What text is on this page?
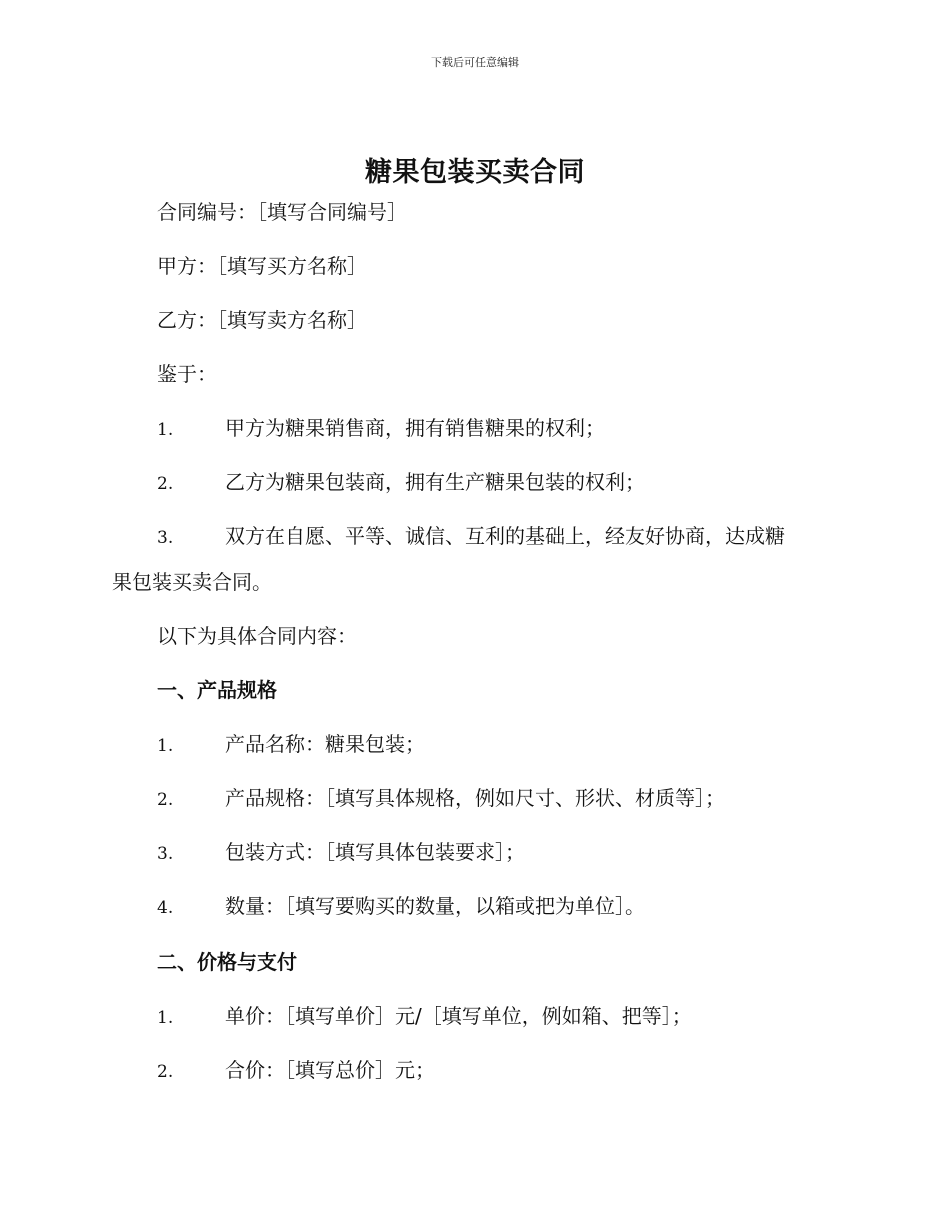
下载后可任意编辑
糖果包装买卖合同
合同编号：［填写合同编号］
甲方：［填写买方名称］
乙方：［填写卖方名称］
鉴于：
1.	甲方为糖果销售商，拥有销售糖果的权利；
2.	乙方为糖果包装商，拥有生产糖果包装的权利；
3.	双方在自愿、平等、诚信、互利的基础上，经友好协商，达成糖
果包装买卖合同。
以下为具体合同内容：
一、产品规格
1.	产品名称：糖果包装；
2.	产品规格：［填写具体规格，例如尺寸、形状、材质等］；
3.	包装方式：［填写具体包装要求］；
4.	数量：［填写要购买的数量，以箱或把为单位］。
二、价格与支付
1.	单价：［填写单价］元/［填写单位，例如箱、把等］；
2.	合价：［填写总价］元；
